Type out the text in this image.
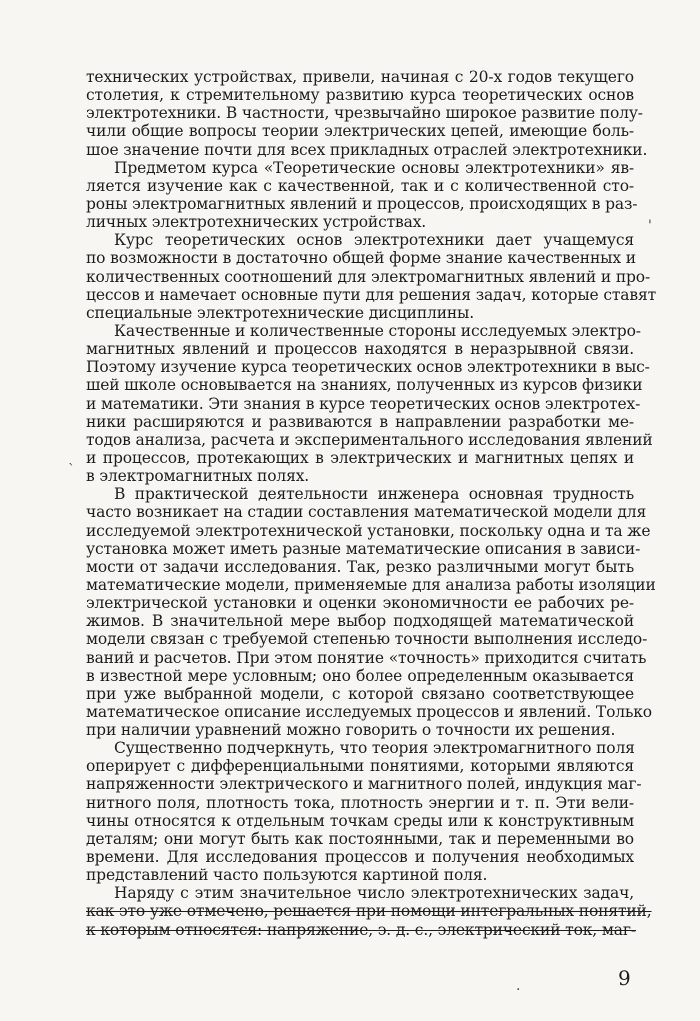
технических устройствах, привели, начиная с 20-х годов текущего
столетия, к стремительному развитию курса теоретических основ
электротехники. В частности, чрезвычайно широкое развитие полу-
чили общие вопросы теории электрических цепей, имеющие боль-
шое значение почти для всех прикладных отраслей электротехники.
Предметом курса «Теоретические основы электротехники» яв-
ляется изучение как с качественной, так и с количественной сто-
роны электромагнитных явлений и процессов, происходящих в раз-
личных электротехнических устройствах.
Курс теоретических основ электротехники дает учащемуся
по возможности в достаточно общей форме знание качественных и
количественных соотношений для электромагнитных явлений и про-
цессов и намечает основные пути для решения задач, которые ставят
специальные электротехнические дисциплины.
Качественные и количественные стороны исследуемых электро-
магнитных явлений и процессов находятся в неразрывной связи.
Поэтому изучение курса теоретических основ электротехники в выс-
шей школе основывается на знаниях, полученных из курсов физики
и математики. Эти знания в курсе теоретических основ электротех-
ники расширяются и развиваются в направлении разработки ме-
тодов анализа, расчета и экспериментального исследования явлений
и процессов, протекающих в электрических и магнитных цепях и
в электромагнитных полях.
В практической деятельности инженера основная трудность
часто возникает на стадии составления математической модели для
исследуемой электротехнической установки, поскольку одна и та же
установка может иметь разные математические описания в зависи-
мости от задачи исследования. Так, резко различными могут быть
математические модели, применяемые для анализа работы изоляции
электрической установки и оценки экономичности ее рабочих ре-
жимов. В значительной мере выбор подходящей математической
модели связан с требуемой степенью точности выполнения исследо-
ваний и расчетов. При этом понятие «точность» приходится считать
в известной мере условным; оно более определенным оказывается
при уже выбранной модели, с которой связано соответствующее
математическое описание исследуемых процессов и явлений. Только
при наличии уравнений можно говорить о точности их решения.
Существенно подчеркнуть, что теория электромагнитного поля
оперирует с дифференциальными понятиями, которыми являются
напряженности электрического и магнитного полей, индукция маг-
нитного поля, плотность тока, плотность энергии и т. п. Эти вели-
чины относятся к отдельным точкам среды или к конструктивным
деталям; они могут быть как постоянными, так и переменными во
времени. Для исследования процессов и получения необходимых
представлений часто пользуются картиной поля.
Наряду с этим значительное число электротехнических задач,
как это уже отмечено, решается при помощи интегральных понятий,
к которым относятся: напряжение, э. д. с., электрический ток, маг-
9
'
`
.
